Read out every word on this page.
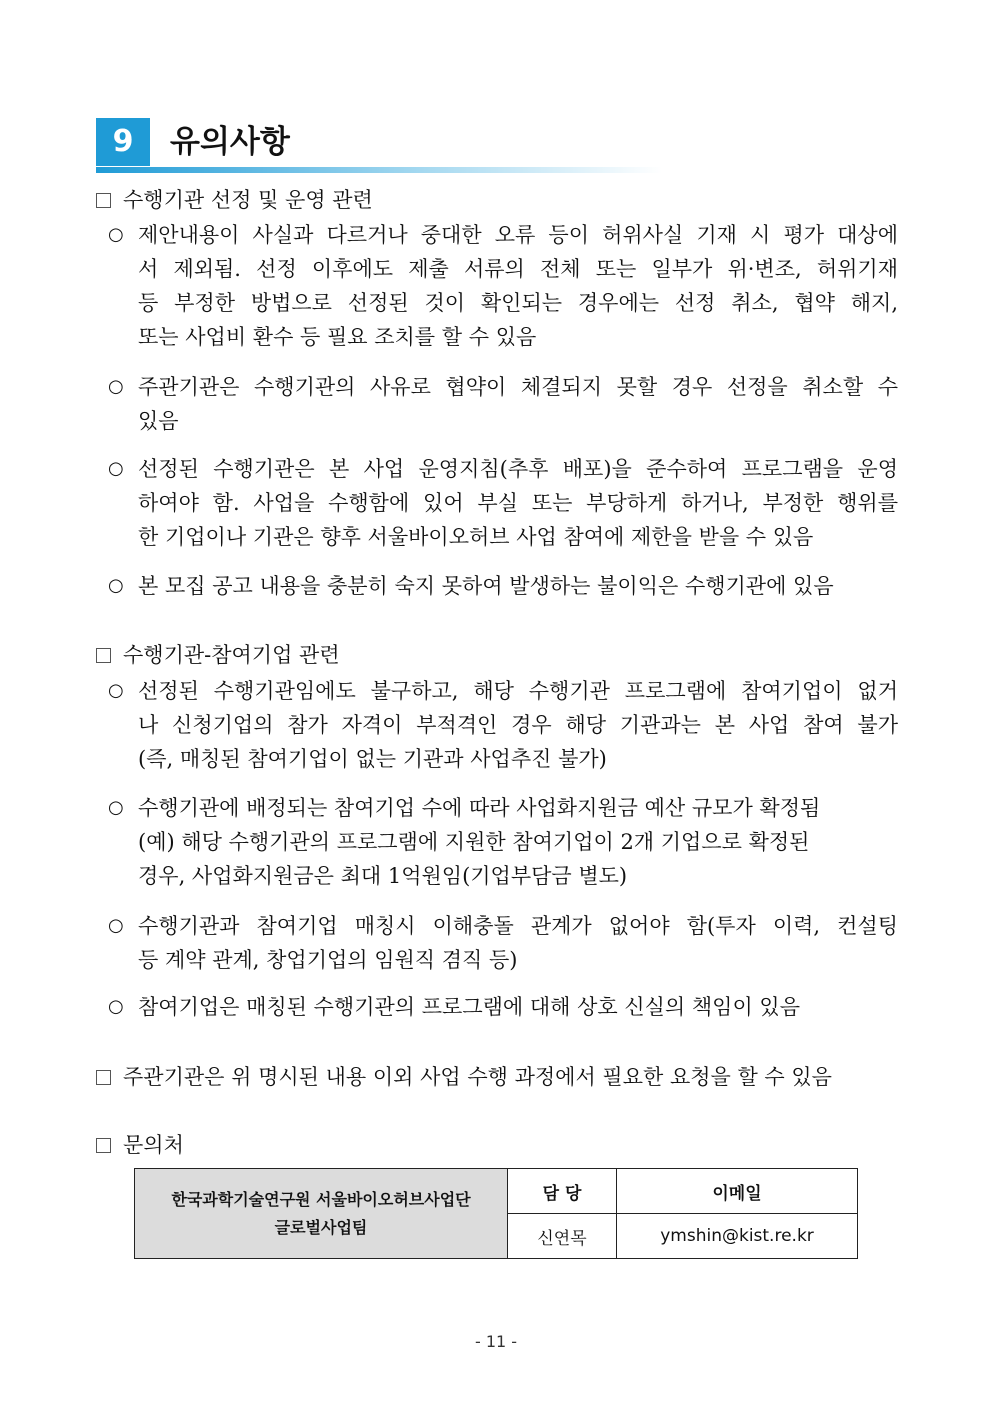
9	유의사항
수행기관 선정 및 운영 관련
○ 제안내용이 사실과 다르거나 중대한 오류 등이 허위사실 기재 시 평가 대상에
서 제외됨. 선정 이후에도 제출 서류의 전체 또는 일부가 위·변조, 허위기재
등 부정한 방법으로 선정된 것이 확인되는 경우에는 선정 취소, 협약 해지,
또는 사업비 환수 등 필요 조치를 할 수 있음
○ 주관기관은 수행기관의 사유로 협약이 체결되지 못할 경우 선정을 취소할 수
있음
○ 선정된 수행기관은 본 사업 운영지침(추후 배포)을 준수하여 프로그램을 운영
하여야 함. 사업을 수행함에 있어 부실 또는 부당하게 하거나, 부정한 행위를
한 기업이나 기관은 향후 서울바이오허브 사업 참여에 제한을 받을 수 있음
○ 본 모집 공고 내용을 충분히 숙지 못하여 발생하는 불이익은 수행기관에 있음
수행기관-참여기업 관련
○ 선정된 수행기관임에도 불구하고, 해당 수행기관 프로그램에 참여기업이 없거
나 신청기업의 참가 자격이 부적격인 경우 해당 기관과는 본 사업 참여 불가
(즉, 매칭된 참여기업이 없는 기관과 사업추진 불가)
○ 수행기관에 배정되는 참여기업 수에 따라 사업화지원금 예산 규모가 확정됨
(예) 해당 수행기관의 프로그램에 지원한 참여기업이 2개 기업으로 확정된
경우, 사업화지원금은 최대 1억원임(기업부담금 별도)
○ 수행기관과 참여기업 매칭시 이해충돌 관계가 없어야 함(투자 이력, 컨설팅
등 계약 관계, 창업기업의 임원직 겸직 등)
○ 참여기업은 매칭된 수행기관의 프로그램에 대해 상호 신실의 책임이 있음
주관기관은 위 명시된 내용 이외 사업 수행 과정에서 필요한 요청을 할 수 있음
문의처
한국과학기술연구원 서울바이오허브사업단
글로벌사업팀	담 당	이메일
	신연목	ymshin@kist.re.kr
- 11 -
